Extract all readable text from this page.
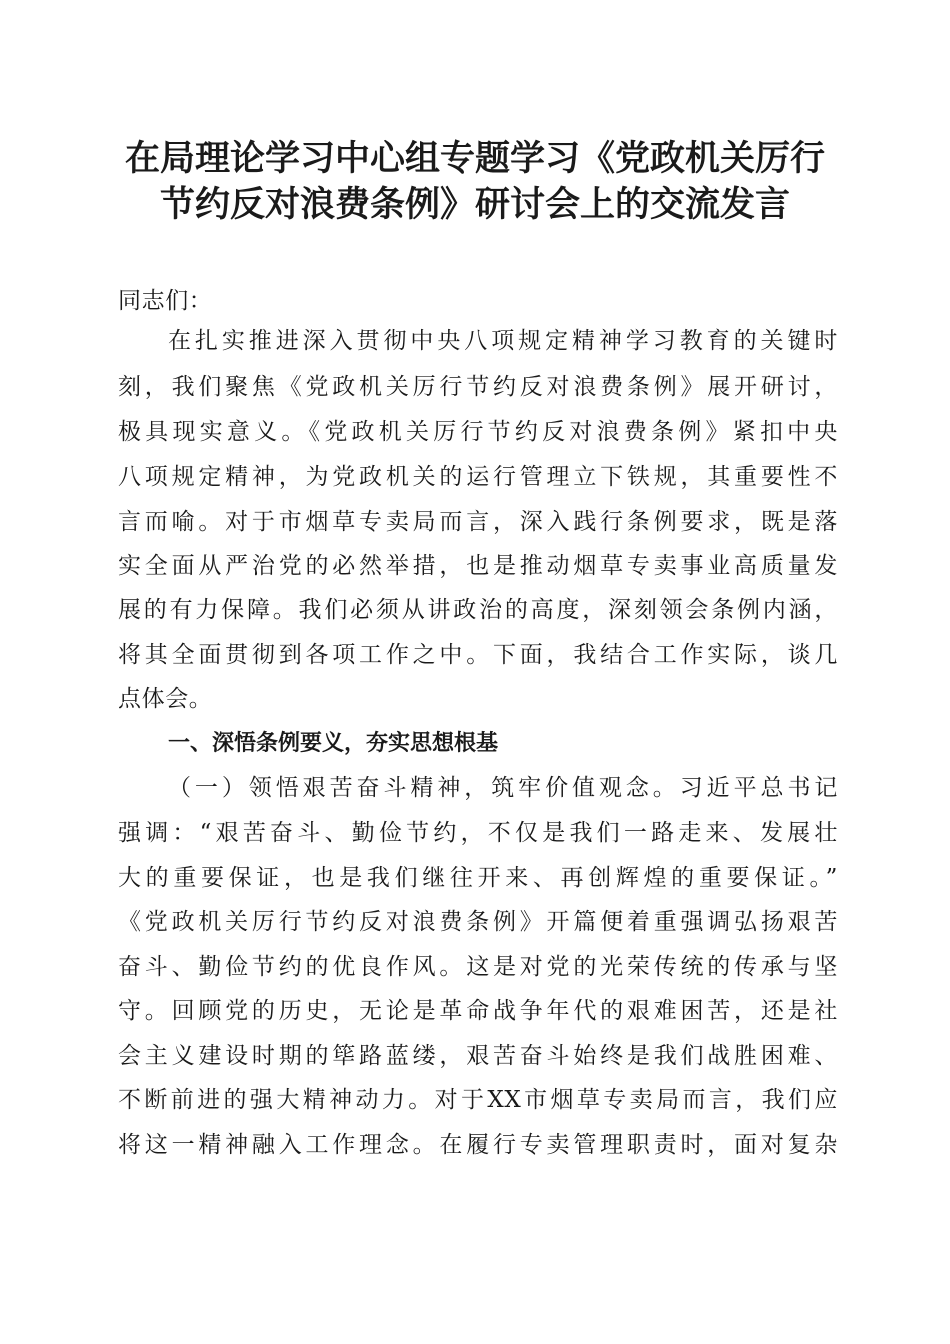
在局理论学习中心组专题学习《党政机关厉行
节约反对浪费条例》研讨会上的交流发言

同志们：

在扎实推进深入贯彻中央八项规定精神学习教育的关键时

刻，我们聚焦《党政机关厉行节约反对浪费条例》展开研讨，

极具现实意义。《党政机关厉行节约反对浪费条例》紧扣中央

八项规定精神，为党政机关的运行管理立下铁规，其重要性不

言而喻。对于市烟草专卖局而言，深入践行条例要求，既是落

实全面从严治党的必然举措，也是推动烟草专卖事业高质量发

展的有力保障。我们必须从讲政治的高度，深刻领会条例内涵，

将其全面贯彻到各项工作之中。下面，我结合工作实际，谈几

点体会。

一、深悟条例要义，夯实思想根基

（一）领悟艰苦奋斗精神，筑牢价值观念。习近平总书记

强调：“艰苦奋斗、勤俭节约，不仅是我们一路走来、发展壮

大的重要保证，也是我们继往开来、再创辉煌的重要保证。”

《党政机关厉行节约反对浪费条例》开篇便着重强调弘扬艰苦

奋斗、勤俭节约的优良作风。这是对党的光荣传统的传承与坚

守。回顾党的历史，无论是革命战争年代的艰难困苦，还是社

会主义建设时期的筚路蓝缕，艰苦奋斗始终是我们战胜困难、

不断前进的强大精神动力。对于XX市烟草专卖局而言，我们应

将这一精神融入工作理念。在履行专卖管理职责时，面对复杂
